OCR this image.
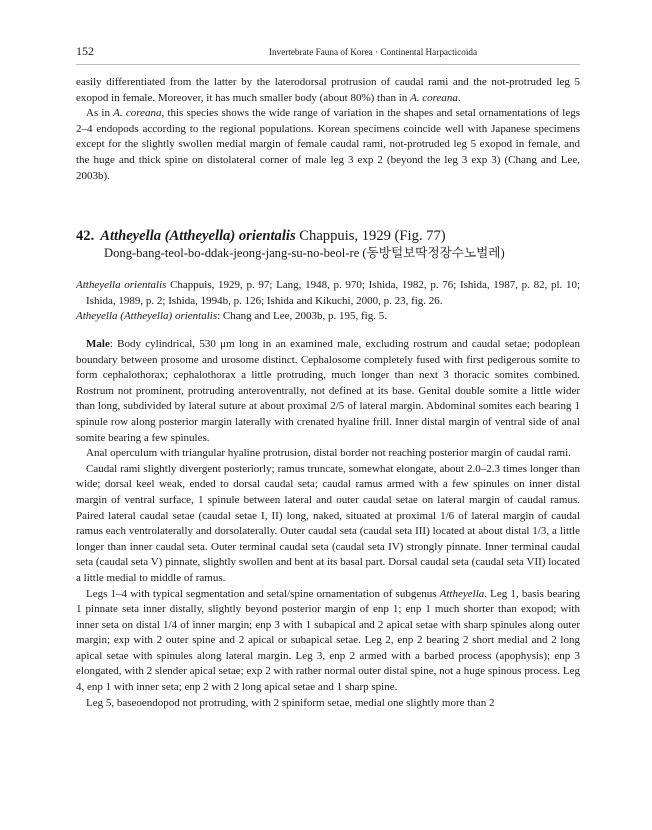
152	Invertebrate Fauna of Korea · Continental Harpacticoida

easily differentiated from the latter by the laterodorsal protrusion of caudal rami and the not-protruded leg 5 exopod in female. Moreover, it has much smaller body (about 80%) than in A. coreana.

As in A. coreana, this species shows the wide range of variation in the shapes and setal ornamentations of legs 2–4 endopods according to the regional populations. Korean specimens coincide well with Japanese specimens except for the slightly swollen medial margin of female caudal rami, not-protruded leg 5 exopod in female, and the huge and thick spine on distolateral corner of male leg 3 exp 2 (beyond the leg 3 exp 3) (Chang and Lee, 2003b).

42. Attheyella (Attheyella) orientalis Chappuis, 1929 (Fig. 77)
Dong-bang-teol-bo-ddak-jeong-jang-su-no-beol-re (동방털보딱정장수노벌레)

Attheyella orientalis Chappuis, 1929, p. 97; Lang, 1948, p. 970; Ishida, 1982, p. 76; Ishida, 1987, p. 82, pl. 10; Ishida, 1989, p. 2; Ishida, 1994b, p. 126; Ishida and Kikuchi, 2000, p. 23, fig. 26.

Atheyella (Attheyella) orientalis: Chang and Lee, 2003b, p. 195, fig. 5.

Male: Body cylindrical, 530 μm long in an examined male, excluding rostrum and caudal setae; podoplean boundary between prosome and urosome distinct. Cephalosome completely fused with first pedigerous somite to form cephalothorax; cephalothorax a little protruding, much longer than next 3 thoracic somites combined. Rostrum not prominent, protruding anteroventrally, not defined at its base. Genital double somite a little wider than long, subdivided by lateral suture at about proximal 2/5 of lateral margin. Abdominal somites each bearing 1 spinule row along posterior margin laterally with crenated hyaline frill. Inner distal margin of ventral side of anal somite bearing a few spinules.

Anal operculum with triangular hyaline protrusion, distal border not reaching posterior margin of caudal rami.

Caudal rami slightly divergent posteriorly; ramus truncate, somewhat elongate, about 2.0–2.3 times longer than wide; dorsal keel weak, ended to dorsal caudal seta; caudal ramus armed with a few spinules on inner distal margin of ventral surface, 1 spinule between lateral and outer caudal setae on lateral margin of caudal ramus. Paired lateral caudal setae (caudal setae I, II) long, naked, situated at proximal 1/6 of lateral margin of caudal ramus each ventrolaterally and dorsolaterally. Outer caudal seta (caudal seta III) located at about distal 1/3, a little longer than inner caudal seta. Outer terminal caudal seta (caudal seta IV) strongly pinnate. Inner terminal caudal seta (caudal seta V) pinnate, slightly swollen and bent at its basal part. Dorsal caudal seta (caudal seta VII) located a little medial to middle of ramus.

Legs 1–4 with typical segmentation and setal/spine ornamentation of subgenus Attheyella. Leg 1, basis bearing 1 pinnate seta inner distally, slightly beyond posterior margin of enp 1; enp 1 much shorter than exopod; with inner seta on distal 1/4 of inner margin; enp 3 with 1 subapical and 2 apical setae with sharp spinules along outer margin; exp with 2 outer spine and 2 apical or subapical setae. Leg 2, enp 2 bearing 2 short medial and 2 long apical setae with spinules along lateral margin. Leg 3, enp 2 armed with a barbed process (apophysis); enp 3 elongated, with 2 slender apical setae; exp 2 with rather normal outer distal spine, not a huge spinous process. Leg 4, enp 1 with inner seta; enp 2 with 2 long apical setae and 1 sharp spine.

Leg 5, baseoendopod not protruding, with 2 spiniform setae, medial one slightly more than 2
